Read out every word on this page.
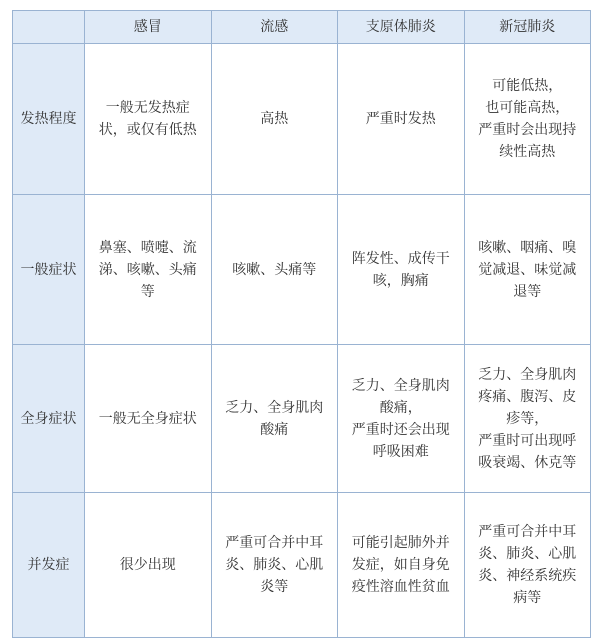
	感冒	流感	支原体肺炎	新冠肺炎
发热程度	一般无发热症状，或仅有低热	高热	严重时发热	可能低热，
也可能高热，
严重时会出现持续性高热
一般症状	鼻塞、喷嚏、流涕、咳嗽、头痛等	咳嗽、头痛等	阵发性、成传干咳，胸痛	咳嗽、咽痛、嗅觉减退、味觉减退等
全身症状	一般无全身症状	乏力、全身肌肉酸痛	乏力、全身肌肉酸痛，
严重时还会出现呼吸困难	乏力、全身肌肉疼痛、腹泻、皮疹等，
严重时可出现呼吸衰竭、休克等
并发症	很少出现	严重可合并中耳炎、肺炎、心肌炎等	可能引起肺外并发症，如自身免疫性溶血性贫血	严重可合并中耳炎、肺炎、心肌炎、神经系统疾病等
